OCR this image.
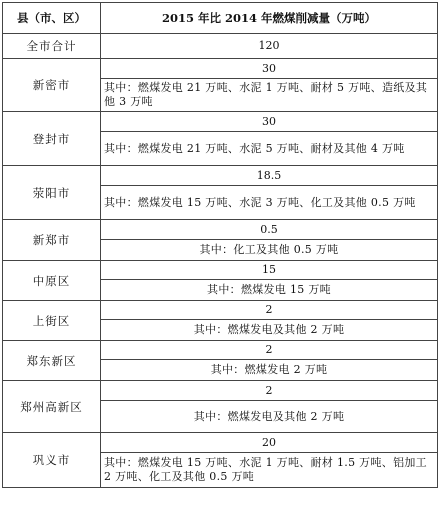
县（市、区）	2015 年比 2014 年燃煤削减量（万吨）
全市合计	120
新密市	30
	其中：燃煤发电 21 万吨、水泥 1 万吨、耐材 5 万吨、造纸及其他 3 万吨
登封市	30
	其中：燃煤发电 21 万吨、水泥 5 万吨、耐材及其他 4 万吨
荥阳市	18.5
	其中：燃煤发电 15 万吨、水泥 3 万吨、化工及其他 0.5 万吨
新郑市	0.5
	其中：化工及其他 0.5 万吨
中原区	15
	其中：燃煤发电 15 万吨
上街区	2
	其中：燃煤发电及其他 2 万吨
郑东新区	2
	其中：燃煤发电 2 万吨
郑州高新区	2
	其中：燃煤发电及其他 2 万吨
巩义市	20
	其中：燃煤发电 15 万吨、水泥 1 万吨、耐材 1.5 万吨、铝加工 2 万吨、化工及其他 0.5 万吨
